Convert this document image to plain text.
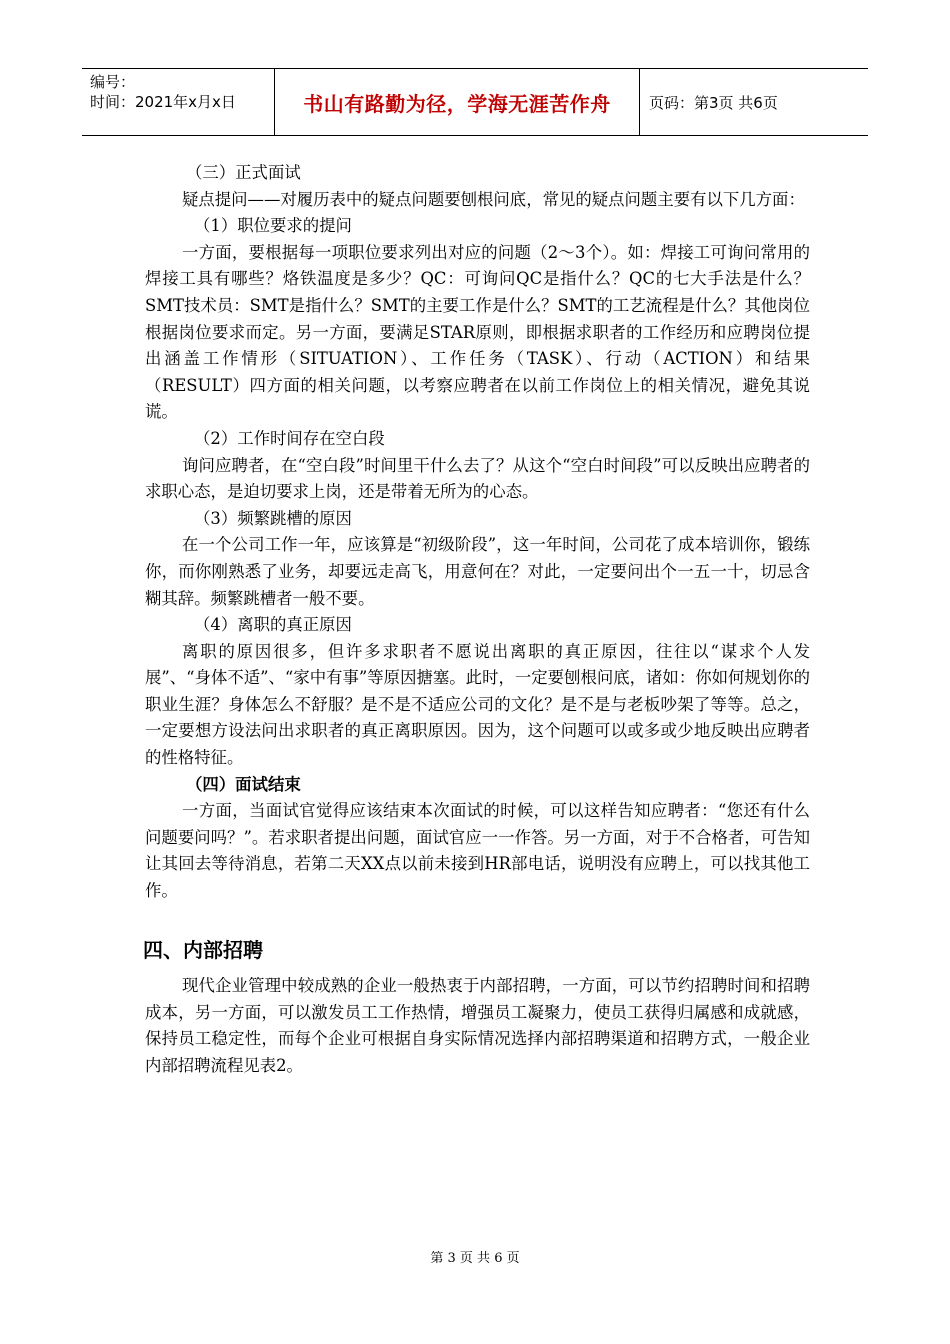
编号：
时间：2021年x月x日	书山有路勤为径，学海无涯苦作舟	页码：第3页 共6页

（三）正式面试

疑点提问——对履历表中的疑点问题要刨根问底，常见的疑点问题主要有以下几方面：

（1）职位要求的提问

一方面，要根据每一项职位要求列出对应的问题（2～3个）。如：焊接工可询问常用的焊接工具有哪些？烙铁温度是多少？QC：可询问QC是指什么？QC的七大手法是什么？SMT技术员：SMT是指什么？SMT的主要工作是什么？SMT的工艺流程是什么？其他岗位根据岗位要求而定。另一方面，要满足STAR原则，即根据求职者的工作经历和应聘岗位提出涵盖工作情形（SITUATION）、工作任务（TASK）、行动（ACTION）和结果（RESULT）四方面的相关问题，以考察应聘者在以前工作岗位上的相关情况，避免其说谎。

（2）工作时间存在空白段

询问应聘者，在“空白段”时间里干什么去了？从这个“空白时间段”可以反映出应聘者的求职心态，是迫切要求上岗，还是带着无所为的心态。

（3）频繁跳槽的原因

在一个公司工作一年，应该算是“初级阶段”，这一年时间，公司花了成本培训你，锻练你，而你刚熟悉了业务，却要远走高飞，用意何在？对此，一定要问出个一五一十，切忌含糊其辞。频繁跳槽者一般不要。

（4）离职的真正原因

离职的原因很多，但许多求职者不愿说出离职的真正原因，往往以“谋求个人发展”、“身体不适”、“家中有事”等原因搪塞。此时，一定要刨根问底，诸如：你如何规划你的职业生涯？身体怎么不舒服？是不是不适应公司的文化？是不是与老板吵架了等等。总之，一定要想方设法问出求职者的真正离职原因。因为，这个问题可以或多或少地反映出应聘者的性格特征。

（四）面试结束

一方面，当面试官觉得应该结束本次面试的时候，可以这样告知应聘者：“您还有什么问题要问吗？”。若求职者提出问题，面试官应一一作答。另一方面，对于不合格者，可告知让其回去等待消息，若第二天XX点以前未接到HR部电话，说明没有应聘上，可以找其他工作。

四、内部招聘

现代企业管理中较成熟的企业一般热衷于内部招聘，一方面，可以节约招聘时间和招聘成本，另一方面，可以激发员工工作热情，增强员工凝聚力，使员工获得归属感和成就感，保持员工稳定性，而每个企业可根据自身实际情况选择内部招聘渠道和招聘方式，一般企业内部招聘流程见表2。

第 3 页 共 6 页
